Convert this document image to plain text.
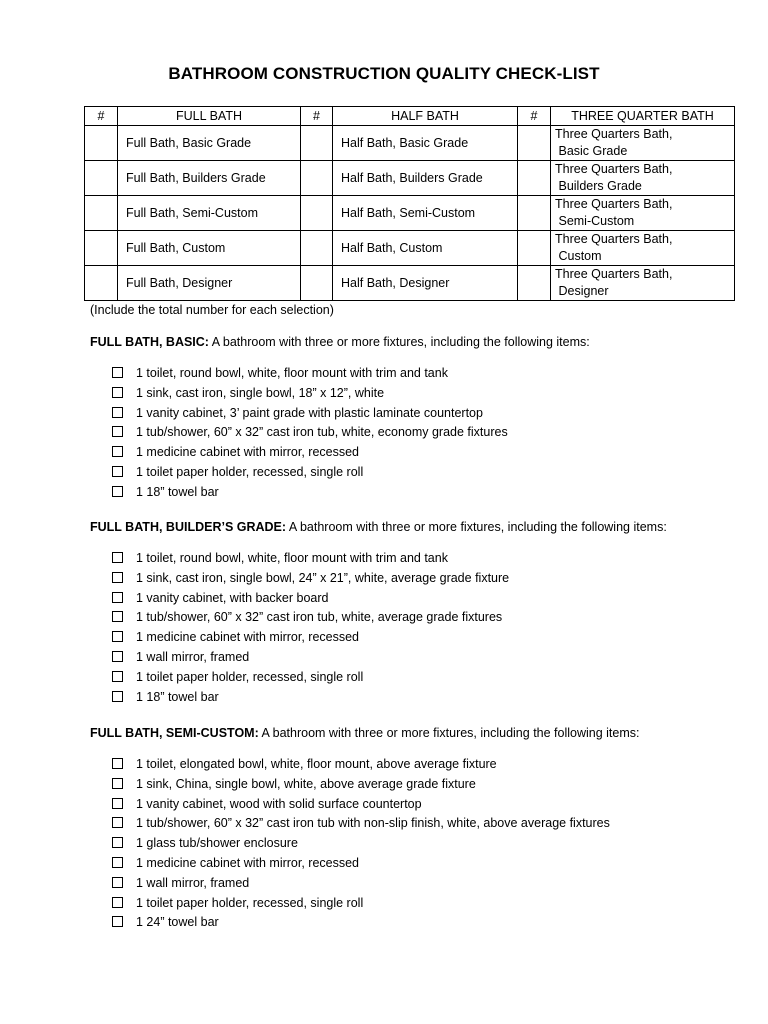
BATHROOM CONSTRUCTION QUALITY CHECK-LIST
#	FULL BATH	#	HALF BATH	#	THREE QUARTER BATH
	Full Bath, Basic Grade		Half Bath, Basic Grade		Three Quarters Bath,
Basic Grade
	Full Bath, Builders Grade		Half Bath, Builders Grade		Three Quarters Bath,
Builders Grade
	Full Bath, Semi-Custom		Half Bath, Semi-Custom		Three Quarters Bath,
Semi-Custom
	Full Bath, Custom		Half Bath, Custom		Three Quarters Bath,
Custom
	Full Bath, Designer		Half Bath, Designer		Three Quarters Bath,
Designer
(Include the total number for each selection)
FULL BATH, BASIC: A bathroom with three or more fixtures, including the following items:
1 toilet, round bowl, white, floor mount with trim and tank
1 sink, cast iron, single bowl, 18” x 12”, white
1 vanity cabinet, 3’ paint grade with plastic laminate countertop
1 tub/shower, 60” x 32” cast iron tub, white, economy grade fixtures
1 medicine cabinet with mirror, recessed
1 toilet paper holder, recessed, single roll
1 18” towel bar
FULL BATH, BUILDER’S GRADE: A bathroom with three or more fixtures, including the following items:
1 toilet, round bowl, white, floor mount with trim and tank
1 sink, cast iron, single bowl, 24” x 21”, white, average grade fixture
1 vanity cabinet, with backer board
1 tub/shower, 60” x 32” cast iron tub, white, average grade fixtures
1 medicine cabinet with mirror, recessed
1 wall mirror, framed
1 toilet paper holder, recessed, single roll
1 18” towel bar
FULL BATH, SEMI-CUSTOM: A bathroom with three or more fixtures, including the following items:
1 toilet, elongated bowl, white, floor mount, above average fixture
1 sink, China, single bowl, white, above average grade fixture
1 vanity cabinet, wood with solid surface countertop
1 tub/shower, 60” x 32” cast iron tub with non-slip finish, white, above average fixtures
1 glass tub/shower enclosure
1 medicine cabinet with mirror, recessed
1 wall mirror, framed
1 toilet paper holder, recessed, single roll
1 24” towel bar
